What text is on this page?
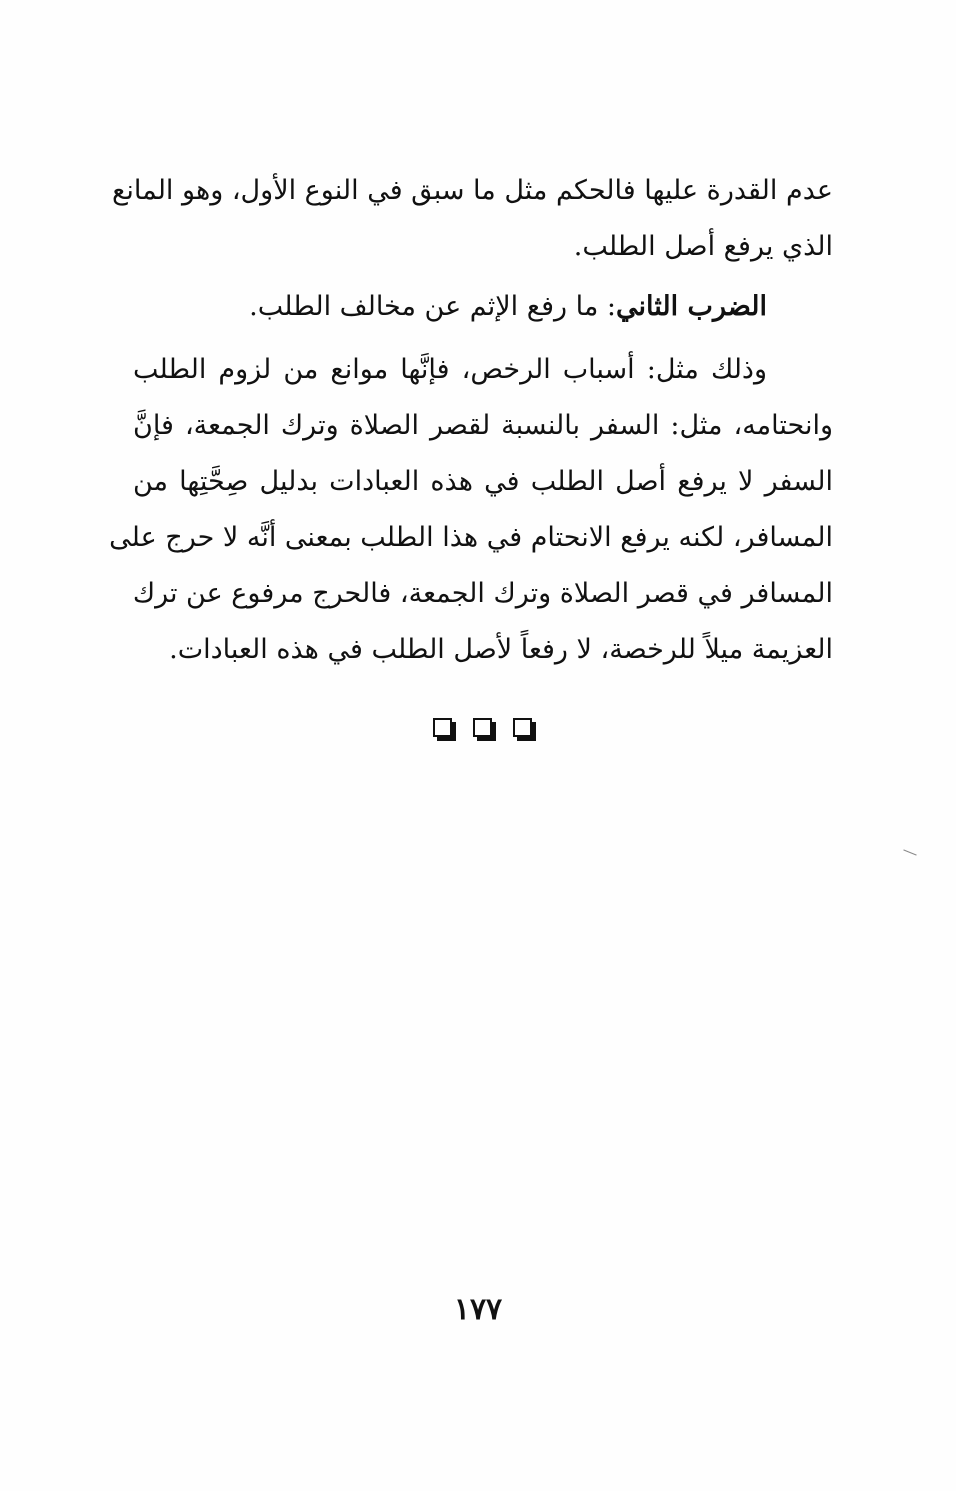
عدم القدرة عليها فالحكم مثل ما سبق في النوع الأول، وهو المانع
الذي يرفع أصل الطلب.
الضرب الثاني: ما رفع الإثم عن مخالف الطلب.
وذلك مثل: أسباب الرخص، فإنَّها موانع من لزوم الطلب
وانحتامه، مثل: السفر بالنسبة لقصر الصلاة وترك الجمعة، فإنَّ
السفر لا يرفع أصل الطلب في هذه العبادات بدليل صِحَّتِها من
المسافر، لكنه يرفع الانحتام في هذا الطلب بمعنى أنَّه لا حرج على
المسافر في قصر الصلاة وترك الجمعة، فالحرج مرفوع عن ترك
العزيمة ميلاً للرخصة، لا رفعاً لأصل الطلب في هذه العبادات.
١٧٧
